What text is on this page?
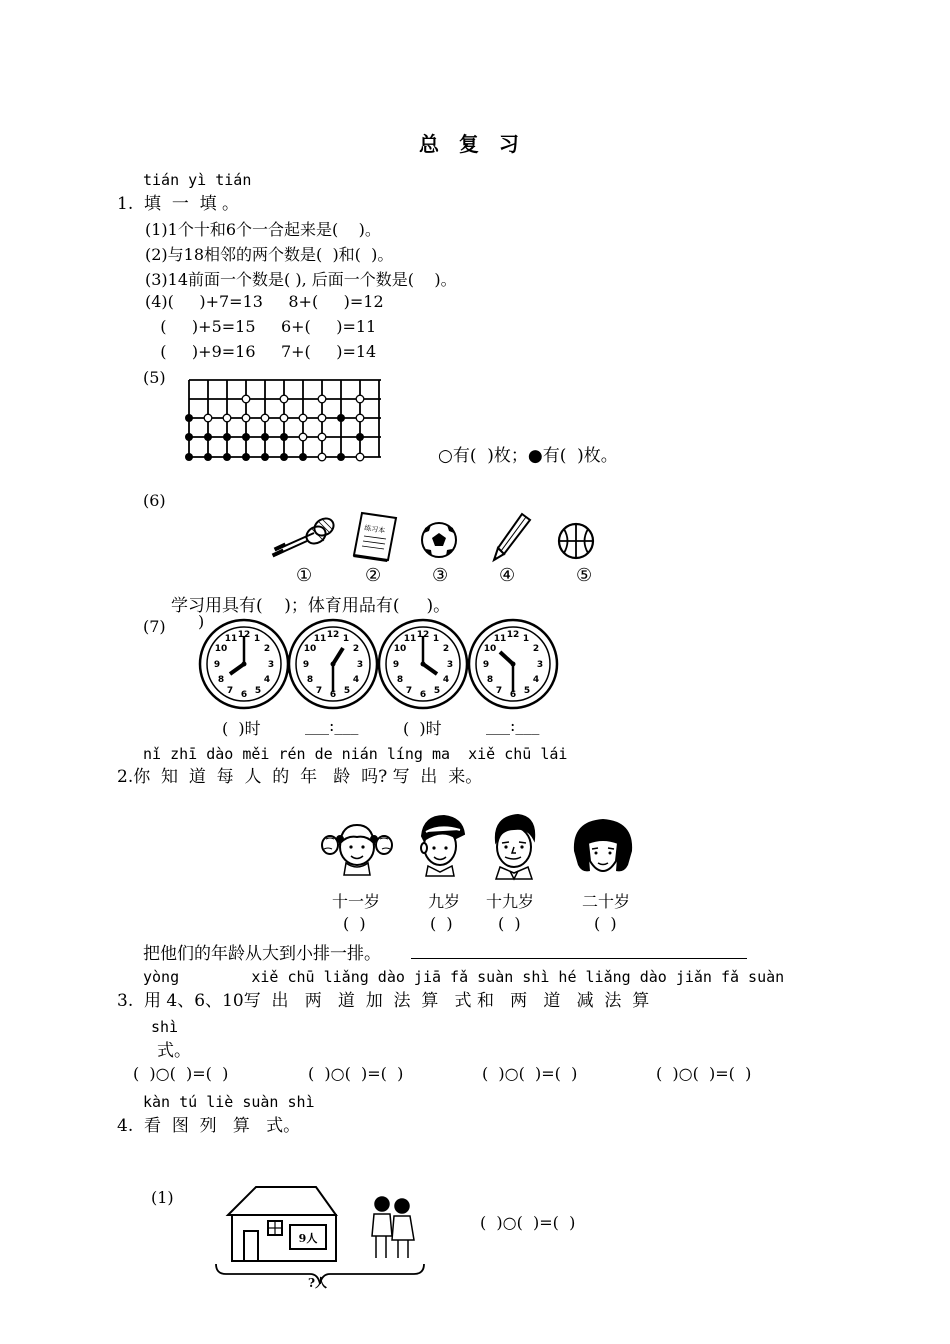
总  复  习
tián yì tián
1.  填  一  填 。
(1)1个十和6个一合起来是(    )。
(2)与18相邻的两个数是(  )和(  )。
(3)14前面一个数是( ), 后面一个数是(    )。
(4)(     )+7=13     8+(     )=12
(     )+5=15     6+(     )=11
(     )+9=16     7+(     )=14
(5)
○有(  )枚；●有(  )枚。
(6)
练习本
①	②	③	④	⑤
学习用具有(    )；体育用品有(     )。
(7) )
12 1
2
3
4
5
6
7
8
9
10
11	12 1
2
3
4
5
6
7
8
9
10
11	12 1
2
3
4
5
6
7
8
9
10
11	12 1
2
3
4
5
6
7
8
9
10
11
(  )时	___:___	(  )时	___:___
nǐ zhī dào měi rén de nián líng ma  xiě chū lái
2.你  知  道  每  人  的  年   龄  吗? 写  出  来。
十一岁	九岁 十九岁	二十岁
(  )	(  )	(  )	(  )
把他们的年龄从大到小排一排。
yòng        xiě chū liǎng dào jiā fǎ suàn shì hé liǎng dào jiǎn fǎ suàn
3.  用 4、6、10写  出   两   道  加  法  算   式 和   两   道   减  法  算
shì
式。
(  )○(  )=(  )	(  )○(  )=(  )	(  )○(  )=(  )	(  )○(  )=(  )
kàn tú liè suàn shì
4.  看  图  列   算   式。
(1)
9人
?人
(  )○(  )=(  )
